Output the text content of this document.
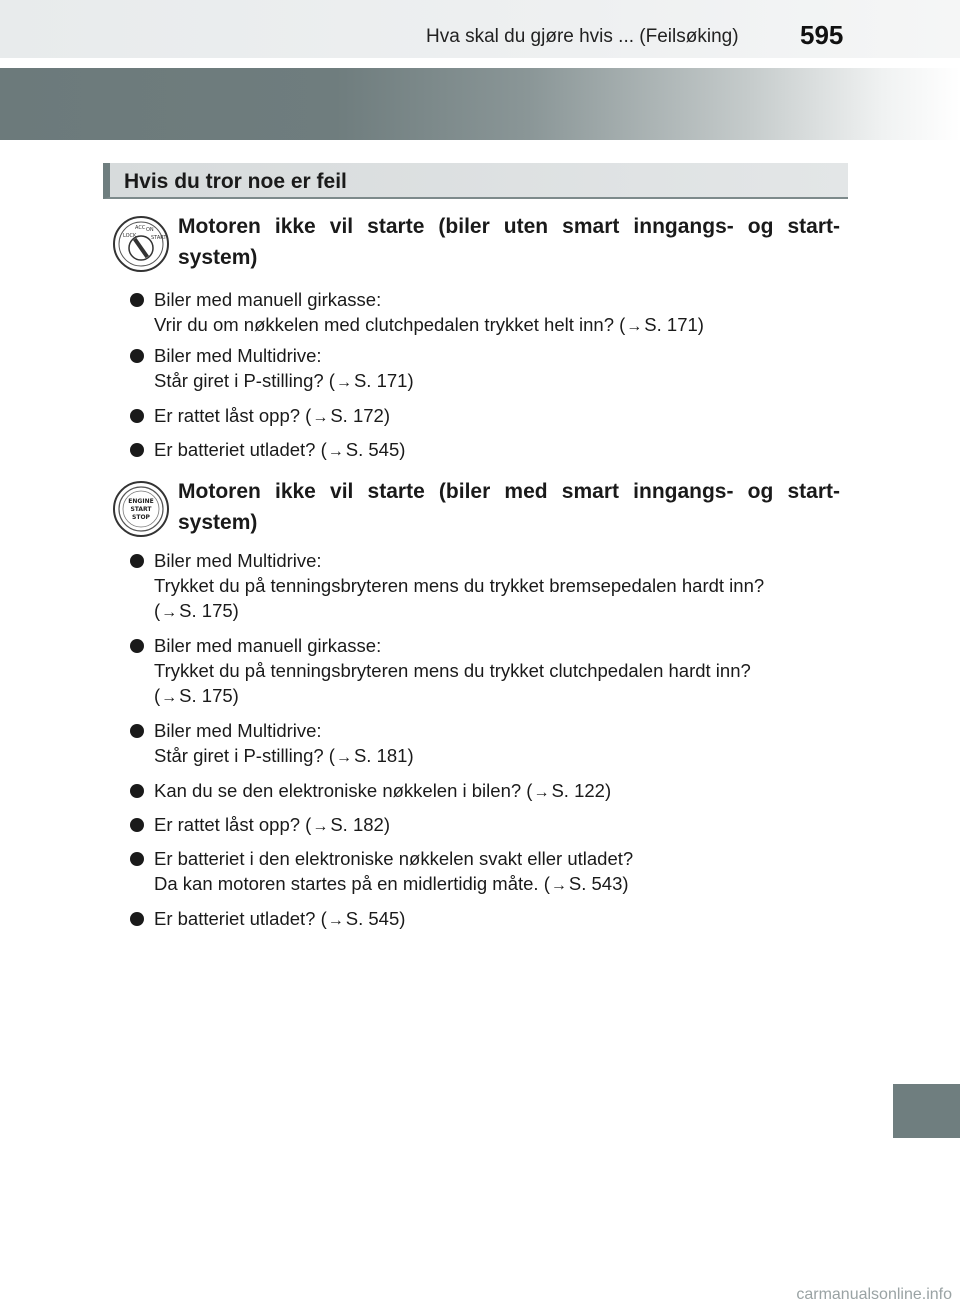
Hva skal du gjøre hvis ... (Feilsøking) 595
Hvis du tror noe er feil
LOCK
ACC ON
START Motoren ikke vil starte (biler uten smart inngangs- og start-system)
Biler med manuell girkasse:
Vrir du om nøkkelen med clutchpedalen trykket helt inn? (→ S. 171)
Biler med Multidrive:
Står giret i P-stilling? (→ S. 171)
Er rattet låst opp? (→ S. 172)
Er batteriet utladet? (→ S. 545)
ENGINE
START
STOP
Motoren ikke vil starte (biler med smart inngangs- og start-system)
Biler med Multidrive:
Trykket du på tenningsbryteren mens du trykket bremsepedalen hardt inn?
(→ S. 175)
Biler med manuell girkasse:
Trykket du på tenningsbryteren mens du trykket clutchpedalen hardt inn?
(→ S. 175)
Biler med Multidrive:
Står giret i P-stilling? (→ S. 181)
Kan du se den elektroniske nøkkelen i bilen? (→ S. 122)
Er rattet låst opp? (→ S. 182)
Er batteriet i den elektroniske nøkkelen svakt eller utladet?
Da kan motoren startes på en midlertidig måte. (→ S. 543)
Er batteriet utladet? (→ S. 545)
carmanualsonline.info
